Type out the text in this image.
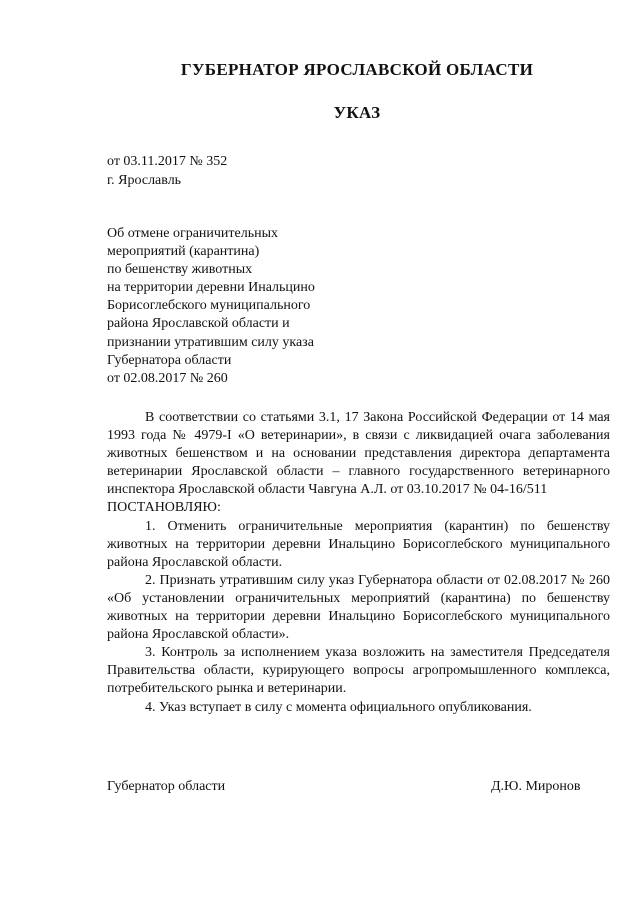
ГУБЕРНАТОР ЯРОСЛАВСКОЙ ОБЛАСТИ
УКАЗ
от 03.11.2017 № 352
г. Ярославль
Об отмене ограничительных
мероприятий (карантина)
по бешенству животных
на территории деревни Инальцино
Борисоглебского муниципального
района Ярославской области и
признании утратившим силу указа
Губернатора области
от 02.08.2017 № 260

В соответствии со статьями 3.1, 17 Закона Российской Федерации от 14 мая 1993 года № 4979-I «О ветеринарии», в связи с ликвидацией очага заболевания животных бешенством и на основании представления директора департамента ветеринарии Ярославской области – главного государственного ветеринарного инспектора Ярославской области Чавгуна А.Л. от 03.10.2017 № 04-16/511

ПОСТАНОВЛЯЮ:

1. Отменить ограничительные мероприятия (карантин) по бешенству животных на территории деревни Инальцино Борисоглебского муниципального района Ярославской области.

2. Признать утратившим силу указ Губернатора области от 02.08.2017 № 260 «Об установлении ограничительных мероприятий (карантина) по бешенству животных на территории деревни Инальцино Борисоглебского муниципального района Ярославской области».

3. Контроль за исполнением указа возложить на заместителя Председателя Правительства области, курирующего вопросы агропромышленного комплекса, потребительского рынка и ветеринарии.

4. Указ вступает в силу с момента официального опубликования.

Губернатор области	Д.Ю. Миронов
